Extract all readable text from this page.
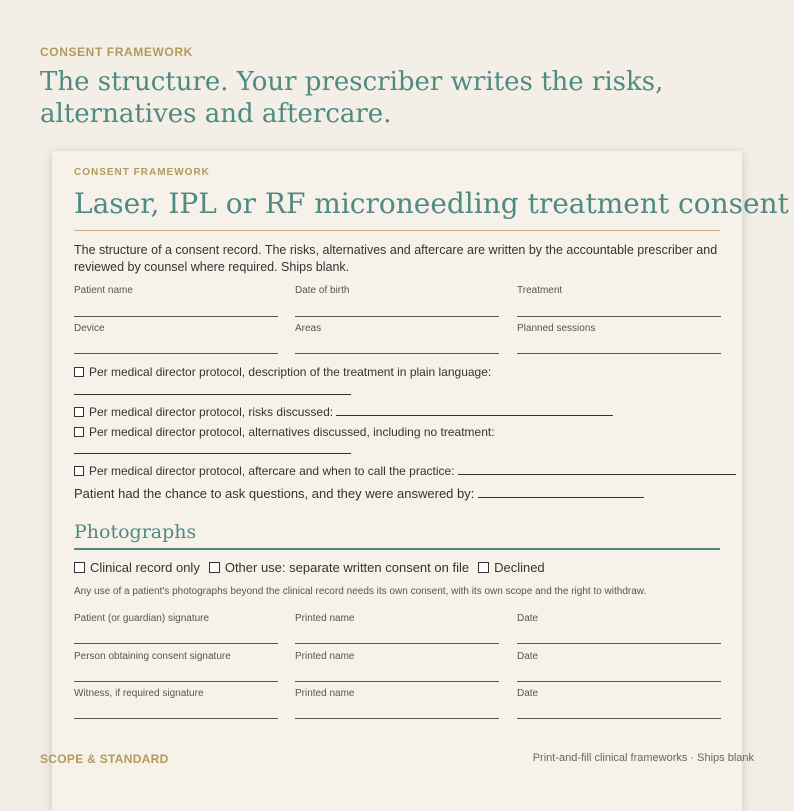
CONSENT FRAMEWORK
The structure. Your prescriber writes the risks, alternatives and aftercare.
CONSENT FRAMEWORK
Laser, IPL or RF microneedling treatment consent
The structure of a consent record. The risks, alternatives and aftercare are written by the accountable prescriber and reviewed by counsel where required. Ships blank.
Patient name	Date of birth	Treatment
Device	Areas	Planned sessions
Per medical director protocol, description of the treatment in plain language:
Per medical director protocol, risks discussed:
Per medical director protocol, alternatives discussed, including no treatment:
Per medical director protocol, aftercare and when to call the practice:
Patient had the chance to ask questions, and they were answered by:
Photographs
Clinical record only Other use: separate written consent on file Declined
Any use of a patient's photographs beyond the clinical record needs its own consent, with its own scope and the right to withdraw.
Patient (or guardian) signature	Printed name	Date
Person obtaining consent signature	Printed name	Date
Witness, if required signature	Printed name	Date
SCOPE & STANDARD	Print-and-fill clinical frameworks · Ships blank
